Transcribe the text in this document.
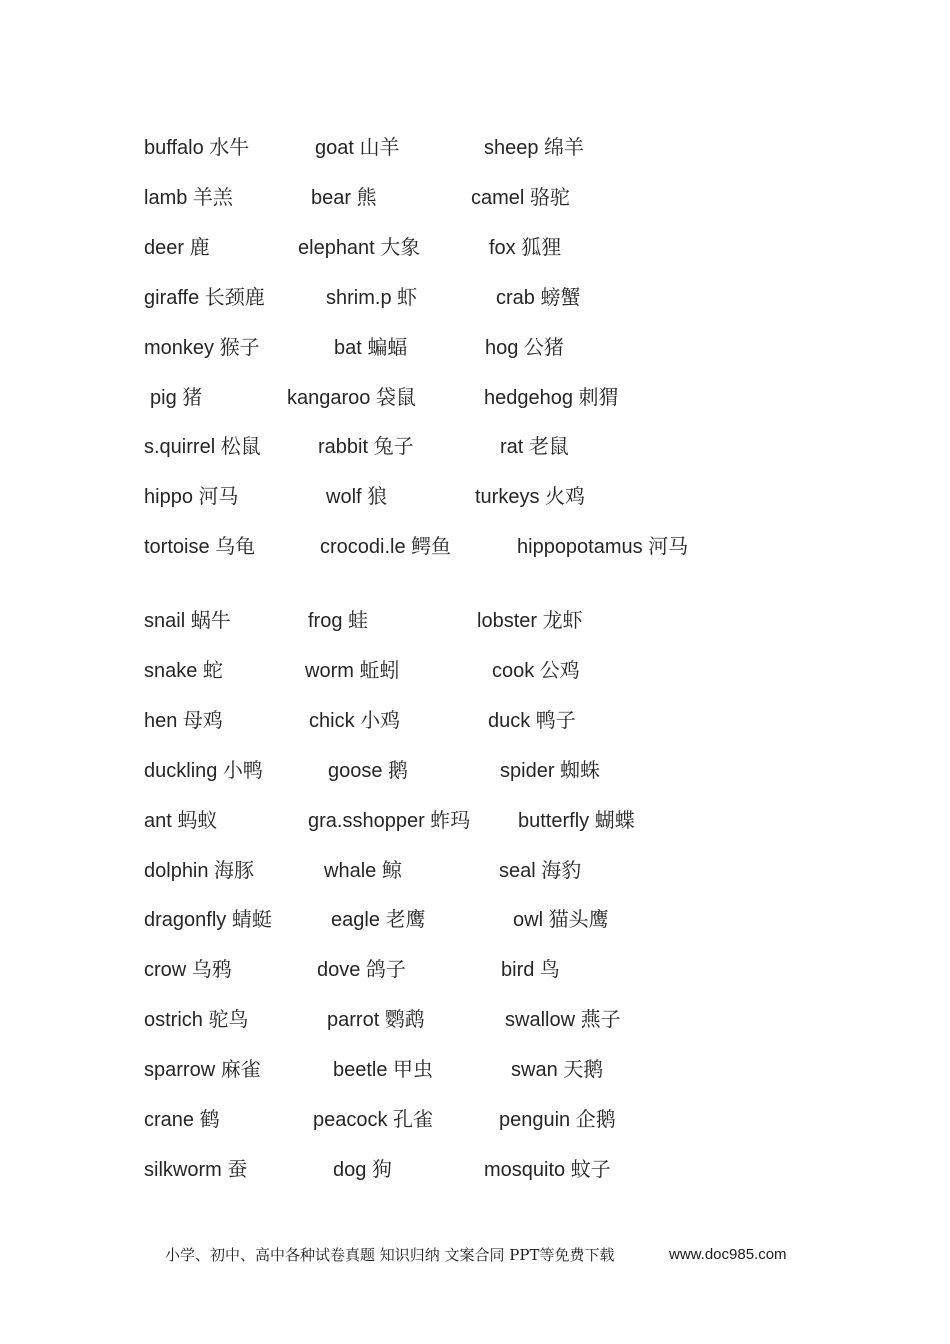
buffalo 水牛	goat 山羊	sheep 绵羊
lamb 羊羔	bear 熊	camel 骆驼
deer 鹿	elephant 大象	fox 狐狸
giraffe 长颈鹿	shrim.p 虾	crab 螃蟹
monkey 猴子	bat 蝙蝠	hog 公猪
pig 猪	kangaroo 袋鼠	hedgehog 刺猬
s.quirrel 松鼠	rabbit 兔子	rat 老鼠
hippo 河马	wolf 狼	turkeys 火鸡
tortoise 乌龟	crocodi.le 鳄鱼	hippopotamus 河马
snail 蜗牛	frog 蛙	lobster 龙虾
snake 蛇	worm 蚯蚓	cook 公鸡
hen 母鸡	chick 小鸡	duck 鸭子
duckling 小鸭	goose 鹅	spider 蜘蛛
ant 蚂蚁	gra.sshopper 蚱玛 butterfly 蝴蝶
dolphin 海豚	whale 鲸	seal 海豹
dragonfly 蜻蜓	eagle 老鹰	owl 猫头鹰
crow 乌鸦	dove 鸽子	bird 鸟
ostrich 驼鸟	parrot 鹦鹉	swallow 燕子
sparrow 麻雀	beetle 甲虫	swan 天鹅
crane 鹤	peacock 孔雀	penguin 企鹅
silkworm 蚕	dog 狗	mosquito 蚊子
小学、初中、高中各种试卷真题 知识归纳 文案合同 PPT等免费下载	www.doc985.com
